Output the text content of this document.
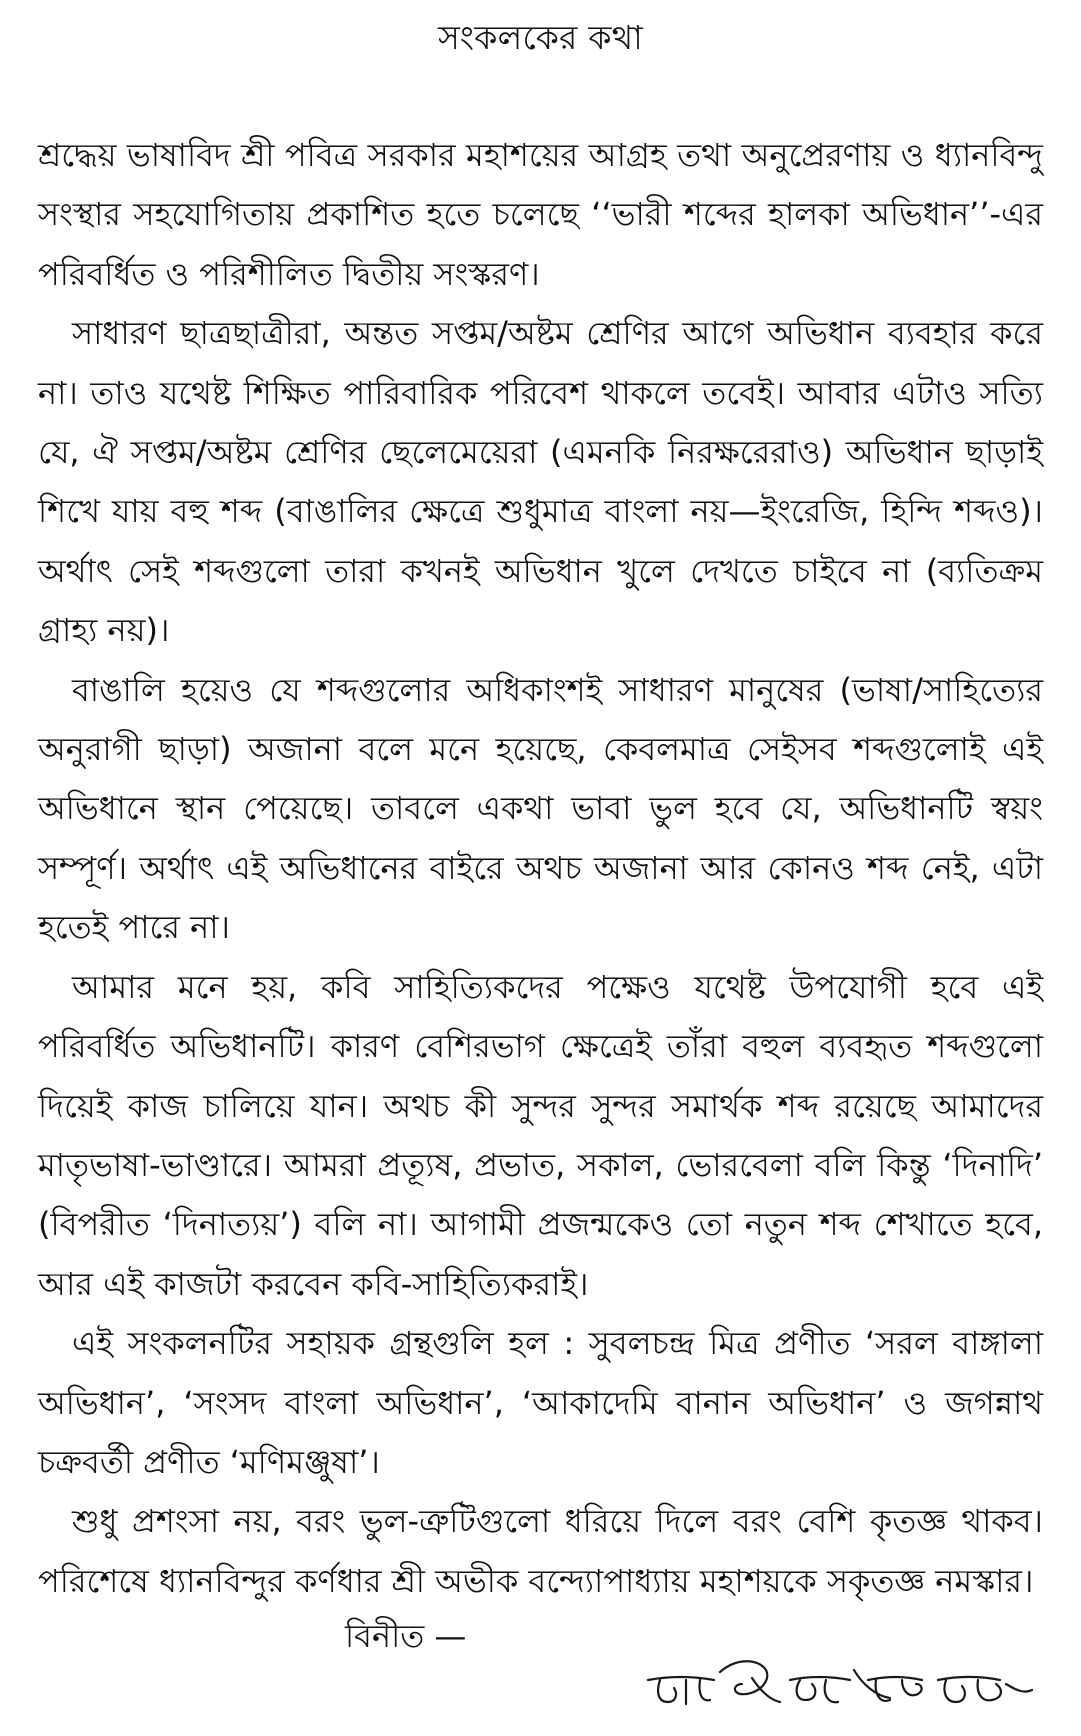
সংকলকের কথা

শ্রদ্ধেয় ভাষাবিদ শ্রী পবিত্র সরকার মহাশয়ের আগ্রহ তথা অনুপ্রেরণায় ও ধ্যানবিন্দু সংস্থার সহযোগিতায় প্রকাশিত হতে চলেছে ‘‘ভারী শব্দের হালকা অভিধান’’-এর পরিবর্ধিত ও পরিশীলিত দ্বিতীয় সংস্করণ।

সাধারণ ছাত্রছাত্রীরা, অন্তত সপ্তম/অষ্টম শ্রেণির আগে অভিধান ব্যবহার করে না। তাও যথেষ্ট শিক্ষিত পারিবারিক পরিবেশ থাকলে তবেই। আবার এটাও সত্যি যে, ঐ সপ্তম/অষ্টম শ্রেণির ছেলেমেয়েরা (এমনকি নিরক্ষরেরাও) অভিধান ছাড়াই শিখে যায় বহু শব্দ (বাঙালির ক্ষেত্রে শুধুমাত্র বাংলা নয়—ইংরেজি, হিন্দি শব্দও)। অর্থাৎ সেই শব্দগুলো তারা কখনই অভিধান খুলে দেখতে চাইবে না (ব্যতিক্রম গ্রাহ্য নয়)।

বাঙালি হয়েও যে শব্দগুলোর অধিকাংশই সাধারণ মানুষের (ভাষা/সাহিত্যের অনুরাগী ছাড়া) অজানা বলে মনে হয়েছে, কেবলমাত্র সেইসব শব্দগুলোই এই অভিধানে স্থান পেয়েছে। তাবলে একথা ভাবা ভুল হবে যে, অভিধানটি স্বয়ং সম্পূর্ণ। অর্থাৎ এই অভিধানের বাইরে অথচ অজানা আর কোনও শব্দ নেই, এটা হতেই পারে না।

আমার মনে হয়, কবি সাহিত্যিকদের পক্ষেও যথেষ্ট উপযোগী হবে এই পরিবর্ধিত অভিধানটি। কারণ বেশিরভাগ ক্ষেত্রেই তাঁরা বহুল ব্যবহৃত শব্দগুলো দিয়েই কাজ চালিয়ে যান। অথচ কী সুন্দর সুন্দর সমার্থক শব্দ রয়েছে আমাদের মাতৃভাষা-ভাণ্ডারে। আমরা প্রত্যূষ, প্রভাত, সকাল, ভোরবেলা বলি কিন্তু ‘দিনাদি’ (বিপরীত ‘দিনাত্যয়’) বলি না। আগামী প্রজন্মকেও তো নতুন শব্দ শেখাতে হবে, আর এই কাজটা করবেন কবি-সাহিত্যিকরাই।

এই সংকলনটির সহায়ক গ্রন্থগুলি হল : সুবলচন্দ্র মিত্র প্রণীত ‘সরল বাঙ্গালা অভিধান’, ‘সংসদ বাংলা অভিধান’, ‘আকাদেমি বানান অভিধান’ ও জগন্নাথ চক্রবর্তী প্রণীত ‘মণিমঞ্জুষা’।

শুধু প্রশংসা নয়, বরং ভুল-ত্রুটিগুলো ধরিয়ে দিলে বরং বেশি কৃতজ্ঞ থাকব। পরিশেষে ধ্যানবিন্দুর কর্ণধার শ্রী অভীক বন্দ্যোপাধ্যায় মহাশয়কে সকৃতজ্ঞ নমস্কার।

বিনীত —
